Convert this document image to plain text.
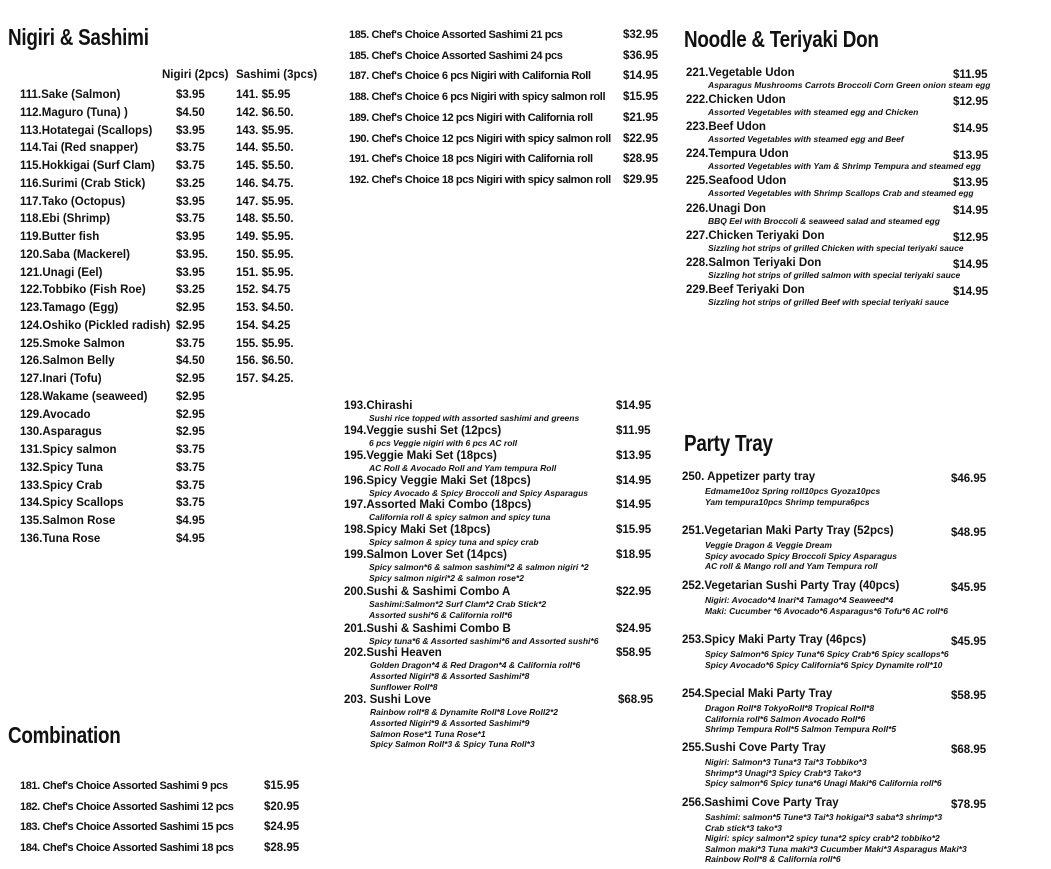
Nigiri & Sashimi
Nigiri (2pcs) Sashimi (3pcs)
111.Sake (Salmon)	$3.95	141. $5.95
112.Maguro (Tuna) )	$4.50	142. $6.50.
113.Hotategai (Scallops) $3.95	143. $5.95.
114.Tai (Red snapper)	$3.75	144. $5.50.
115.Hokkigai (Surf Clam) $3.75	145. $5.50.
116.Surimi (Crab Stick)	$3.25	146. $4.75.
117.Tako (Octopus)	$3.95	147. $5.95.
118.Ebi (Shrimp)	$3.75	148. $5.50.
119.Butter fish	$3.95	149. $5.95.
120.Saba (Mackerel)	$3.95. 150. $5.95.
121.Unagi (Eel)	$3.95	151. $5.95.
122.Tobbiko (Fish Roe)	$3.25	152. $4.75
123.Tamago (Egg)	$2.95	153. $4.50.
124.Oshiko (Pickled radish) $2.95	154. $4.25
125.Smoke Salmon	$3.75	155. $5.95.
126.Salmon Belly	$4.50	156. $6.50.
127.Inari (Tofu)	$2.95	157. $4.25.
128.Wakame (seaweed) $2.95
129.Avocado	$2.95
130.Asparagus	$2.95
131.Spicy salmon	$3.75
132.Spicy Tuna	$3.75
133.Spicy Crab	$3.75
134.Spicy Scallops	$3.75
135.Salmon Rose	$4.95
136.Tuna Rose	$4.95
Combination
181. Chef's Choice Assorted Sashimi 9 pcs	$15.95
182. Chef's Choice Assorted Sashimi 12 pcs	$20.95
183. Chef's Choice Assorted Sashimi 15 pcs	$24.95
184. Chef's Choice Assorted Sashimi 18 pcs	$28.95
185. Chef's Choice Assorted Sashimi 21 pcs	$32.95
185. Chef's Choice Assorted Sashimi 24 pcs	$36.95
187. Chef's Choice 6 pcs Nigiri with California Roll	$14.95
188. Chef's Choice 6 pcs Nigiri with spicy salmon roll $15.95
189. Chef's Choice 12 pcs Nigiri with California roll	$21.95
190. Chef's Choice 12 pcs Nigiri with spicy salmon roll $22.95
191. Chef's Choice 18 pcs Nigiri with California roll	$28.95
192. Chef's Choice 18 pcs Nigiri with spicy salmon roll $29.95
193.Chirashi	$14.95
Sushi rice topped with assorted sashimi and greens
194.Veggie sushi Set (12pcs)	$11.95
6 pcs Veggie nigiri with 6 pcs AC roll
195.Veggie Maki Set (18pcs)	$13.95
AC Roll & Avocado Roll and Yam tempura Roll
196.Spicy Veggie Maki Set (18pcs)	$14.95
Spicy Avocado & Spicy Broccoli and Spicy Asparagus
197.Assorted Maki Combo (18pcs)	$14.95
California roll & spicy salmon and spicy tuna
198.Spicy Maki Set (18pcs)	$15.95
Spicy salmon & spicy tuna and spicy crab
199.Salmon Lover Set (14pcs)	$18.95
Spicy salmon*6 & salmon sashimi*2 & salmon nigiri *2
Spicy salmon nigiri*2 & salmon rose*2
200.Sushi & Sashimi Combo A	$22.95
Sashimi:Salmon*2 Surf Clam*2 Crab Stick*2
Assorted sushi*6 & California roll*6
201.Sushi & Sashimi Combo B	$24.95
Spicy tuna*6 & Assorted sashimi*6 and Assorted sushi*6
202.Sushi Heaven	$58.95
Golden Dragon*4 & Red Dragon*4 & California roll*6
Assorted Nigiri*8 & Assorted Sashimi*8
Sunflower Roll*8
203. Sushi Love	$68.95
Rainbow roll*8 & Dynamite Roll*8 Love Roll2*2
Assorted Nigiri*9 & Assorted Sashimi*9
Salmon Rose*1 Tuna Rose*1
Spicy Salmon Roll*3 & Spicy Tuna Roll*3
Noodle & Teriyaki Don
221.Vegetable Udon	$11.95
Asparagus Mushrooms Carrots Broccoli Corn Green onion steam egg
222.Chicken Udon	$12.95
Assorted Vegetables with steamed egg and Chicken
223.Beef Udon	$14.95
Assorted Vegetables with steamed egg and Beef
224.Tempura Udon	$13.95
Assorted Vegetables with Yam & Shrimp Tempura and steamed egg
225.Seafood Udon	$13.95
Assorted Vegetables with Shrimp Scallops Crab and steamed egg
226.Unagi Don	$14.95
BBQ Eel with Broccoli & seaweed salad and steamed egg
227.Chicken Teriyaki Don	$12.95
Sizzling hot strips of grilled Chicken with special teriyaki sauce
228.Salmon Teriyaki Don	$14.95
Sizzling hot strips of grilled salmon with special teriyaki sauce
229.Beef Teriyaki Don	$14.95
Sizzling hot strips of grilled Beef with special teriyaki sauce
Party Tray
250. Appetizer party tray	$46.95
Edmame10oz Spring roll10pcs Gyoza10pcs
Yam tempura10pcs Shrimp tempura6pcs
251.Vegetarian Maki Party Tray (52pcs)	$48.95
Veggie Dragon & Veggie Dream
Spicy avocado Spicy Broccoli Spicy Asparagus
AC roll & Mango roll and Yam Tempura roll
252.Vegetarian Sushi Party Tray (40pcs)	$45.95
Nigiri: Avocado*4 Inari*4 Tamago*4 Seaweed*4
Maki: Cucumber *6 Avocado*6 Asparagus*6 Tofu*6 AC roll*6
253.Spicy Maki Party Tray (46pcs)	$45.95
Spicy Salmon*6 Spicy Tuna*6 Spicy Crab*6 Spicy scallops*6
Spicy Avocado*6 Spicy California*6 Spicy Dynamite roll*10
254.Special Maki Party Tray	$58.95
Dragon Roll*8 TokyoRoll*8 Tropical Roll*8
California roll*6 Salmon Avocado Roll*6
Shrimp Tempura Roll*5 Salmon Tempura Roll*5
255.Sushi Cove Party Tray	$68.95
Nigiri: Salmon*3 Tuna*3 Tai*3 Tobbiko*3
Shrimp*3 Unagi*3 Spicy Crab*3 Tako*3
Spicy salmon*6 Spicy tuna*6 Unagi Maki*6 California roll*6
256.Sashimi Cove Party Tray	$78.95
Sashimi: salmon*5 Tune*3 Tai*3 hokigai*3 saba*3 shrimp*3
Crab stick*3 tako*3
Nigiri: spicy salmon*2 spicy tuna*2 spicy crab*2 tobbiko*2
Salmon maki*3 Tuna maki*3 Cucumber Maki*3 Asparagus Maki*3
Rainbow Roll*8 & California roll*6
